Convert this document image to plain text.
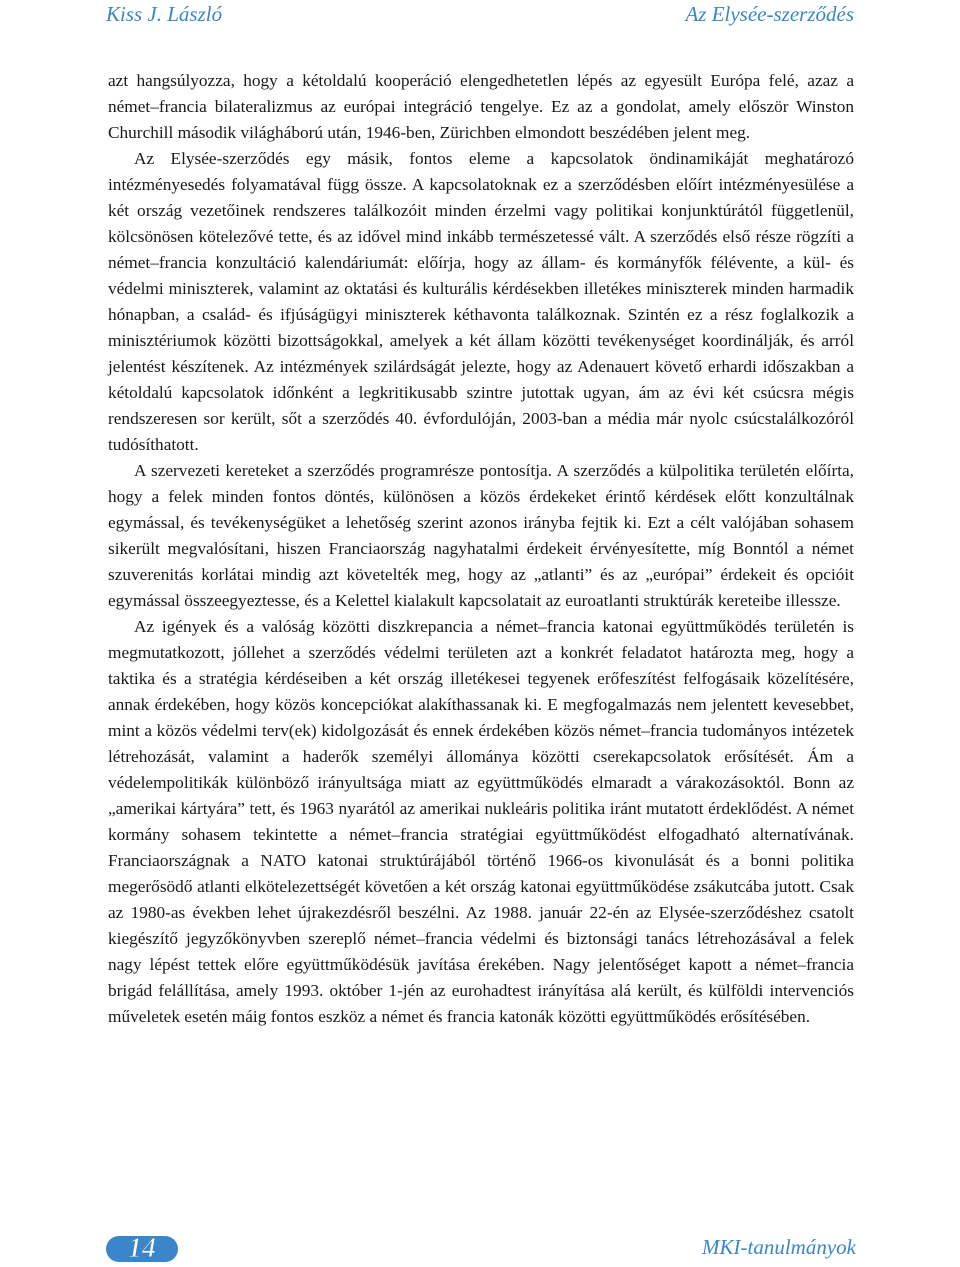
Kiss J. László	Az Elysée-szerződés

azt hangsúlyozza, hogy a kétoldalú kooperáció elengedhetetlen lépés az egyesült Európa felé, azaz a német–francia bilateralizmus az európai integráció tengelye. Ez az a gondolat, amely először Winston Churchill második világháború után, 1946-ben, Zürichben elmondott beszédében jelent meg.

Az Elysée-szerződés egy másik, fontos eleme a kapcsolatok öndinamikáját meghatározó intézményesedés folyamatával függ össze. A kapcsolatoknak ez a szerződésben előírt intézményesülése a két ország vezetőinek rendszeres találkozóit minden érzelmi vagy politikai konjunktúrától függetlenül, kölcsönösen kötelezővé tette, és az idővel mind inkább természetessé vált. A szerződés első része rögzíti a német–francia konzultáció kalendáriumát: előírja, hogy az állam- és kormányfők félévente, a kül- és védelmi miniszterek, valamint az oktatási és kulturális kérdésekben illetékes miniszterek minden harmadik hónapban, a család- és ifjúságügyi miniszterek kéthavonta találkoznak. Szintén ez a rész foglalkozik a minisztériumok közötti bizottságokkal, amelyek a két állam közötti tevékenységet koordinálják, és arról jelentést készítenek. Az intézmények szilárdságát jelezte, hogy az Adenauert követő erhardi időszakban a kétoldalú kapcsolatok időnként a legkritikusabb szintre jutottak ugyan, ám az évi két csúcsra mégis rendszeresen sor került, sőt a szerződés 40. évfordulóján, 2003-ban a média már nyolc csúcstalálkozóról tudósíthatott.

A szervezeti kereteket a szerződés programrésze pontosítja. A szerződés a külpolitika területén előírta, hogy a felek minden fontos döntés, különösen a közös érdekeket érintő kérdések előtt konzultálnak egymással, és tevékenységüket a lehetőség szerint azonos irányba fejtik ki. Ezt a célt valójában sohasem sikerült megvalósítani, hiszen Franciaország nagyhatalmi érdekeit érvényesítette, míg Bonntól a német szuverenitás korlátai mindig azt követelték meg, hogy az „atlanti” és az „európai” érdekeit és opcióit egymással összeegyeztesse, és a Kelettel kialakult kapcsolatait az euroatlanti struktúrák kereteibe illessze.

Az igények és a valóság közötti diszkrepancia a német–francia katonai együttműködés területén is megmutatkozott, jóllehet a szerződés védelmi területen azt a konkrét feladatot határozta meg, hogy a taktika és a stratégia kérdéseiben a két ország illetékesei tegyenek erőfeszítést felfogásaik közelítésére, annak érdekében, hogy közös koncepciókat alakíthassanak ki. E megfogalmazás nem jelentett kevesebbet, mint a közös védelmi terv(ek) kidolgozását és ennek érdekében közös német–francia tudományos intézetek létrehozását, valamint a haderők személyi állománya közötti cserekapcsolatok erősítését. Ám a védelempolitikák különböző irányultsága miatt az együttműködés elmaradt a várakozásoktól. Bonn az „amerikai kártyára” tett, és 1963 nyarától az amerikai nukleáris politika iránt mutatott érdeklődést. A német kormány sohasem tekintette a német–francia stratégiai együttműködést elfogadható alternatívának. Franciaországnak a NATO katonai struktúrájából történő 1966-os kivonulását és a bonni politika megerősödő atlanti elkötelezettségét követően a két ország katonai együttműködése zsákutcába jutott. Csak az 1980-as években lehet újrakezdésről beszélni. Az 1988. január 22-én az Elysée-szerződéshez csatolt kiegészítő jegyzőkönyvben szereplő német–francia védelmi és biztonsági tanács létrehozásával a felek nagy lépést tettek előre együttműködésük javítása érekében. Nagy jelentőséget kapott a német–francia brigád felállítása, amely 1993. október 1-jén az eurohadtest irányítása alá került, és külföldi intervenciós műveletek esetén máig fontos eszköz a német és francia katonák közötti együttműködés erősítésében.

14	MKI-tanulmányok
